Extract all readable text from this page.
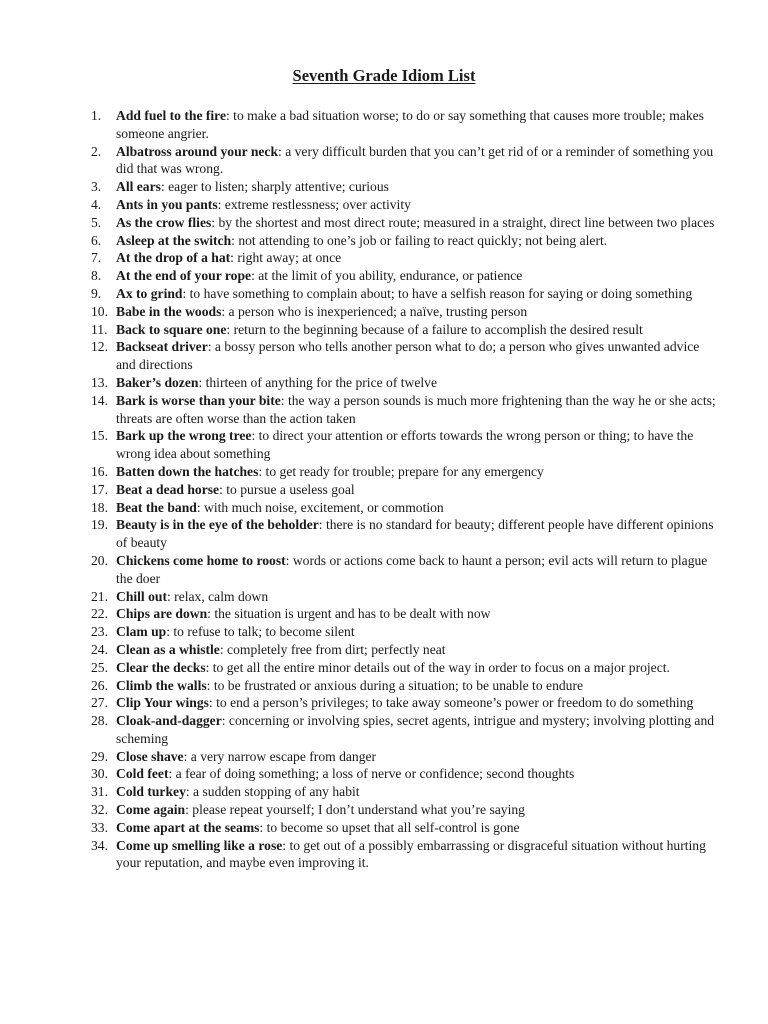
Seventh Grade Idiom List
1.	Add fuel to the fire: to make a bad situation worse; to do or say something that causes more trouble; makes someone angrier.
2.	Albatross around your neck: a very difficult burden that you can’t get rid of or a reminder of something you did that was wrong.
3.	All ears: eager to listen; sharply attentive; curious
4.	Ants in you pants: extreme restlessness; over activity
5.	As the crow flies: by the shortest and most direct route; measured in a straight, direct line between two places
6.	Asleep at the switch: not attending to one’s job or failing to react quickly; not being alert.
7.	At the drop of a hat: right away; at once
8.	At the end of your rope: at the limit of you ability, endurance, or patience
9.	Ax to grind: to have something to complain about; to have a selfish reason for saying or doing something
10. Babe in the woods: a person who is inexperienced; a naïve, trusting person
11. Back to square one: return to the beginning because of a failure to accomplish the desired result
12. Backseat driver: a bossy person who tells another person what to do; a person who gives unwanted advice and directions
13. Baker’s dozen: thirteen of anything for the price of twelve
14. Bark is worse than your bite: the way a person sounds is much more frightening than the way he or she acts; threats are often worse than the action taken
15. Bark up the wrong tree: to direct your attention or efforts towards the wrong person or thing; to have the wrong idea about something
16. Batten down the hatches: to get ready for trouble; prepare for any emergency
17. Beat a dead horse: to pursue a useless goal
18. Beat the band: with much noise, excitement, or commotion
19. Beauty is in the eye of the beholder: there is no standard for beauty; different people have different opinions of beauty
20. Chickens come home to roost: words or actions come back to haunt a person; evil acts will return to plague the doer
21. Chill out: relax, calm down
22. Chips are down: the situation is urgent and has to be dealt with now
23. Clam up: to refuse to talk; to become silent
24. Clean as a whistle: completely free from dirt; perfectly neat
25. Clear the decks: to get all the entire minor details out of the way in order to focus on a major project.
26. Climb the walls: to be frustrated or anxious during a situation; to be unable to endure
27. Clip Your wings: to end a person’s privileges; to take away someone’s power or freedom to do something
28. Cloak-and-dagger: concerning or involving spies, secret agents, intrigue and mystery; involving plotting and scheming
29. Close shave: a very narrow escape from danger
30. Cold feet: a fear of doing something; a loss of nerve or confidence; second thoughts
31. Cold turkey: a sudden stopping of any habit
32. Come again: please repeat yourself; I don’t understand what you’re saying
33. Come apart at the seams: to become so upset that all self-control is gone
34. Come up smelling like a rose: to get out of a possibly embarrassing or disgraceful situation without hurting your reputation, and maybe even improving it.
